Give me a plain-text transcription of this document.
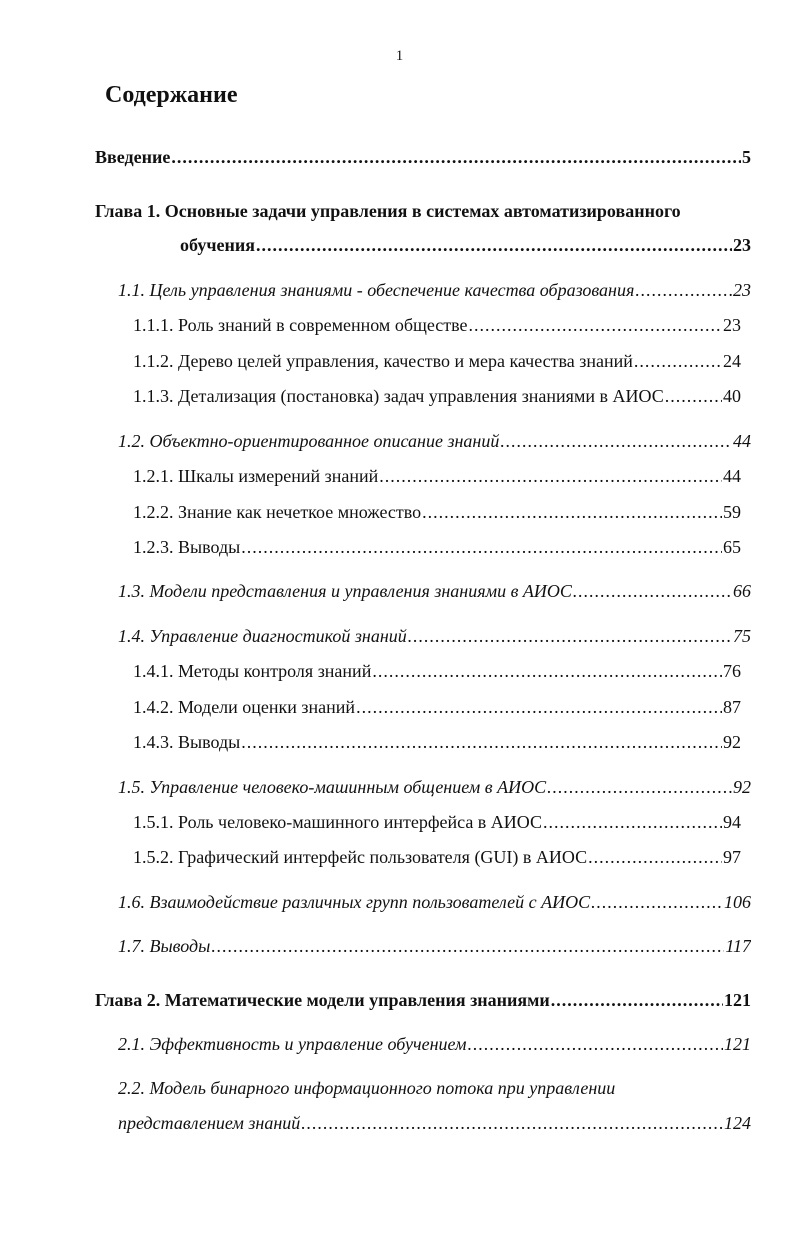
1
Содержание
Введение .....	5
Глава 1. Основные задачи управления в системах автоматизированного
обучения .....	23
1.1. Цель управления знаниями - обеспечение качества образования .....	23
1.1.1. Роль знаний в современном обществе .....	23
1.1.2. Дерево целей управления, качество и мера качества знаний .....	24
1.1.3. Детализация (постановка) задач управления знаниями в АИОС .....	40
1.2. Объектно-ориентированное описание знаний .....	44
1.2.1. Шкалы измерений знаний .....	44
1.2.2. Знание как нечеткое множество .....	59
1.2.3. Выводы .....	65
1.3. Модели представления и управления знаниями в АИОС .....	66
1.4. Управление диагностикой знаний .....	75
1.4.1. Методы контроля знаний .....	76
1.4.2. Модели оценки знаний .....	87
1.4.3. Выводы .....	92
1.5. Управление человеко-машинным общением в АИОС .....	92
1.5.1. Роль человеко-машинного интерфейса в АИОС .....	94
1.5.2. Графический интерфейс пользователя (GUI) в АИОС .....	97
1.6. Взаимодействие различных групп пользователей с АИОС .....	106
1.7. Выводы .....	117
Глава 2. Математические модели управления знаниями .....	121
2.1. Эффективность и управление обучением .....	121
2.2. Модель бинарного информационного потока при управлении
представлением знаний .....	124
